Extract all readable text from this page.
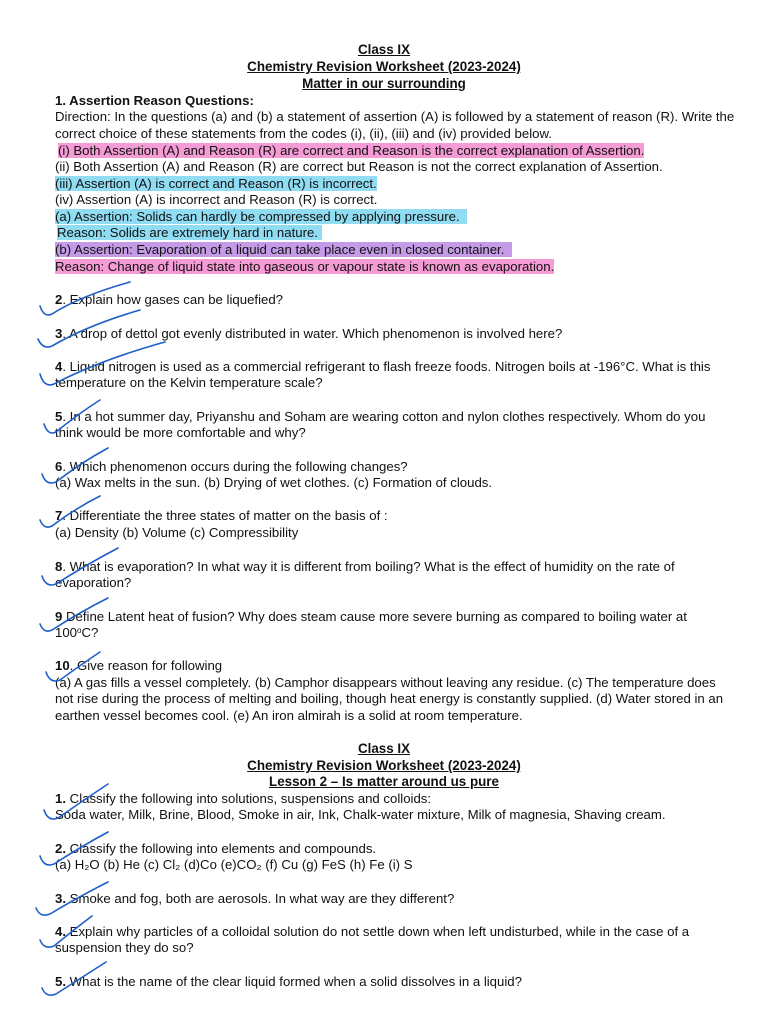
Class IX
Chemistry Revision Worksheet (2023-2024)
Matter in our surrounding
1. Assertion Reason Questions:
Direction: In the questions (a) and (b) a statement of assertion (A) is followed by a statement of reason (R). Write the
correct choice of these statements from the codes (i), (ii), (iii) and (iv) provided below.
(i) Both Assertion (A) and Reason (R) are correct and Reason is the correct explanation of Assertion.
(ii) Both Assertion (A) and Reason (R) are correct but Reason is not the correct explanation of Assertion.
(iii) Assertion (A) is correct and Reason (R) is incorrect.
(iv) Assertion (A) is incorrect and Reason (R) is correct.
(a) Assertion: Solids can hardly be compressed by applying pressure.
Reason: Solids are extremely hard in nature.
(b) Assertion: Evaporation of a liquid can take place even in closed container.
Reason: Change of liquid state into gaseous or vapour state is known as evaporation.
2. Explain how gases can be liquefied?
3. A drop of dettol got evenly distributed in water. Which phenomenon is involved here?
4. Liquid nitrogen is used as a commercial refrigerant to flash freeze foods. Nitrogen boils at -196°C. What is this
temperature on the Kelvin temperature scale?
5. In a hot summer day, Priyanshu and Soham are wearing cotton and nylon clothes respectively. Whom do you
think would be more comfortable and why?
6. Which phenomenon occurs during the following changes?
(a) Wax melts in the sun. (b) Drying of wet clothes. (c) Formation of clouds.
7. Differentiate the three states of matter on the basis of :
(a) Density (b) Volume (c) Compressibility
8. What is evaporation? In what way it is different from boiling? What is the effect of humidity on the rate of
evaporation?
9 Define Latent heat of fusion? Why does steam cause more severe burning as compared to boiling water at
100$^o$C?
10. Give reason for following
(a) A gas fills a vessel completely. (b) Camphor disappears without leaving any residue. (c) The temperature does
not rise during the process of melting and boiling, though heat energy is constantly supplied. (d) Water stored in an
earthen vessel becomes cool. (e) An iron almirah is a solid at room temperature.
Class IX
Chemistry Revision Worksheet (2023-2024)
Lesson 2 – Is matter around us pure
1. Classify the following into solutions, suspensions and colloids:
Soda water, Milk, Brine, Blood, Smoke in air, Ink, Chalk-water mixture, Milk of magnesia, Shaving cream.
2. Classify the following into elements and compounds.
(a) H₂O (b) He (c) Cl₂ (d)Co (e)CO₂ (f) Cu (g) FeS (h) Fe (i) S
3. Smoke and fog, both are aerosols. In what way are they different?
4. Explain why particles of a colloidal solution do not settle down when left undisturbed, while in the case of a
suspension they do so?
5. What is the name of the clear liquid formed when a solid dissolves in a liquid?
